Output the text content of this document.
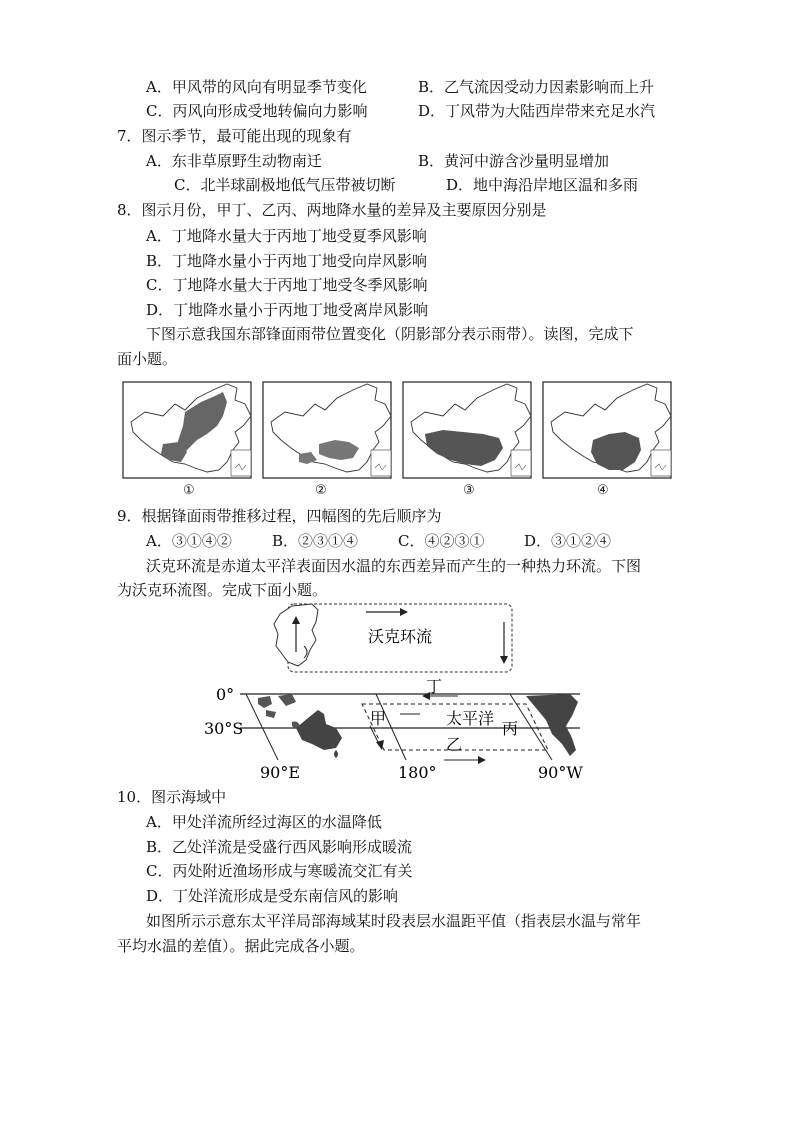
A．甲风带的风向有明显季节变化	B．乙气流因受动力因素影响而上升
C．丙风向形成受地转偏向力影响	D．丁风带为大陆西岸带来充足水汽
7．图示季节，最可能出现的现象有
A．东非草原野生动物南迁	B．黄河中游含沙量明显增加
C．北半球副极地低气压带被切断	D．地中海沿岸地区温和多雨
8．图示月份，甲丁、乙丙、两地降水量的差异及主要原因分别是
A．丁地降水量大于丙地丁地受夏季风影响
B．丁地降水量小于丙地丁地受向岸风影响
C．丁地降水量大于丙地丁地受冬季风影响
D．丁地降水量小于丙地丁地受离岸风影响
下图示意我国东部锋面雨带位置变化（阴影部分表示雨带）。读图，完成下
面小题。
①	②	③	④
9．根据锋面雨带推移过程，四幅图的先后顺序为
A．③①④②	B．②③①④	C．④②③①	D．③①②④
沃克环流是赤道太平洋表面因水温的东西差异而产生的一种热力环流。下图
为沃克环流图。完成下面小题。
沃克环流
0°
30°S
90°E	180°	90°W
太平洋
甲
乙
丙
丁
10．图示海域中
A．甲处洋流所经过海区的水温降低
B．乙处洋流是受盛行西风影响形成暖流
C．丙处附近渔场形成与寒暖流交汇有关
D．丁处洋流形成是受东南信风的影响
如图所示示意东太平洋局部海域某时段表层水温距平值（指表层水温与常年
平均水温的差值）。据此完成各小题。
